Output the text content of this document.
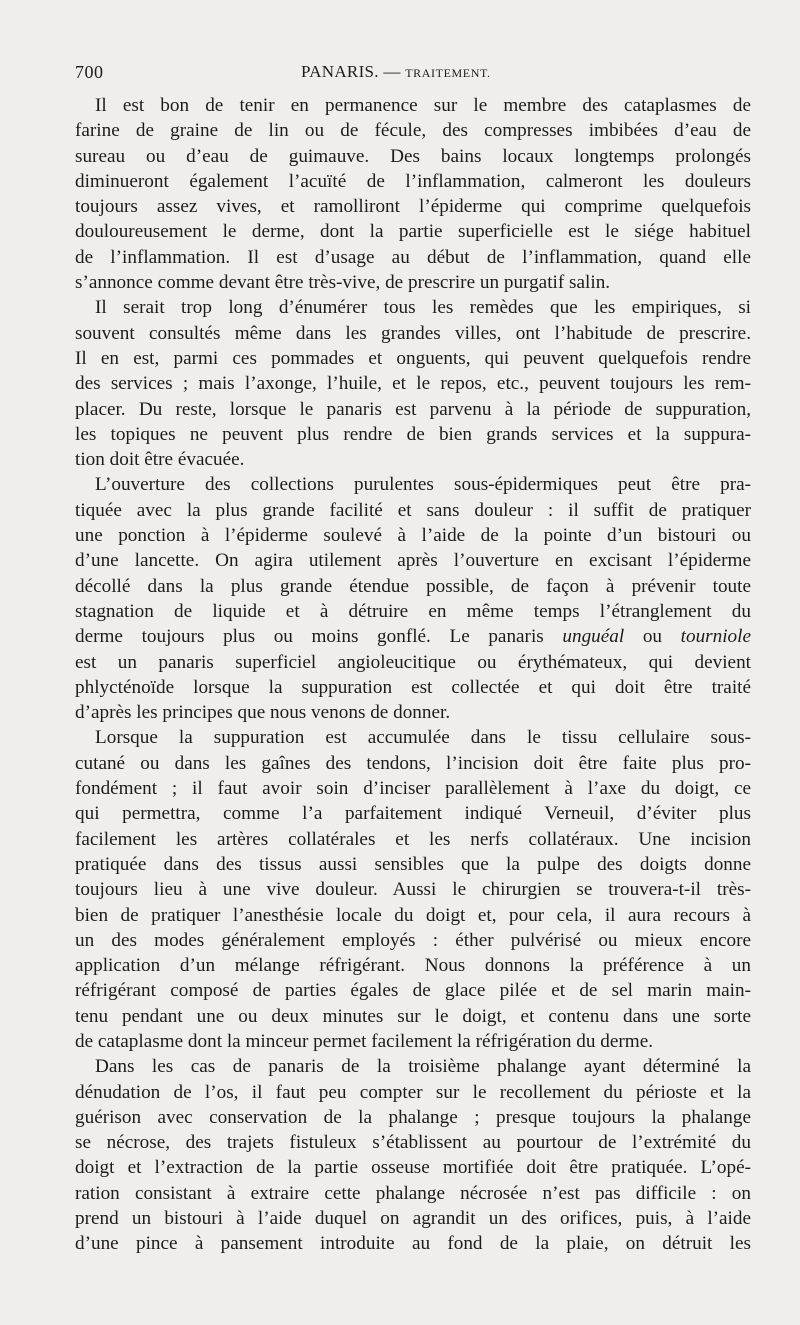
700	PANARIS. — TRAITEMENT.
Il est bon de tenir en permanence sur le membre des cataplasmes de
farine de graine de lin ou de fécule, des compresses imbibées d’eau de
sureau ou d’eau de guimauve. Des bains locaux longtemps prolongés
diminueront également l’acuïté de l’inflammation, calmeront les douleurs
toujours assez vives, et ramolliront l’épiderme qui comprime quelquefois
douloureusement le derme, dont la partie superficielle est le siége habituel
de l’inflammation. Il est d’usage au début de l’inflammation, quand elle
s’annonce comme devant être très-vive, de prescrire un purgatif salin.
Il serait trop long d’énumérer tous les remèdes que les empiriques, si
souvent consultés même dans les grandes villes, ont l’habitude de prescrire.
Il en est, parmi ces pommades et onguents, qui peuvent quelquefois rendre
des services ; mais l’axonge, l’huile, et le repos, etc., peuvent toujours les rem-
placer. Du reste, lorsque le panaris est parvenu à la période de suppuration,
les topiques ne peuvent plus rendre de bien grands services et la suppura-
tion doit être évacuée.
L’ouverture des collections purulentes sous-épidermiques peut être pra-
tiquée avec la plus grande facilité et sans douleur : il suffit de pratiquer
une ponction à l’épiderme soulevé à l’aide de la pointe d’un bistouri ou
d’une lancette. On agira utilement après l’ouverture en excisant l’épiderme
décollé dans la plus grande étendue possible, de façon à prévenir toute
stagnation de liquide et à détruire en même temps l’étranglement du
derme toujours plus ou moins gonflé. Le panaris unguéal ou tourniole
est un panaris superficiel angioleucitique ou érythémateux, qui devient
phlycténoïde lorsque la suppuration est collectée et qui doit être traité
d’après les principes que nous venons de donner.
Lorsque la suppuration est accumulée dans le tissu cellulaire sous-
cutané ou dans les gaînes des tendons, l’incision doit être faite plus pro-
fondément ; il faut avoir soin d’inciser parallèlement à l’axe du doigt, ce
qui permettra, comme l’a parfaitement indiqué Verneuil, d’éviter plus
facilement les artères collatérales et les nerfs collatéraux. Une incision
pratiquée dans des tissus aussi sensibles que la pulpe des doigts donne
toujours lieu à une vive douleur. Aussi le chirurgien se trouvera-t-il très-
bien de pratiquer l’anesthésie locale du doigt et, pour cela, il aura recours à
un des modes généralement employés : éther pulvérisé ou mieux encore
application d’un mélange réfrigérant. Nous donnons la préférence à un
réfrigérant composé de parties égales de glace pilée et de sel marin main-
tenu pendant une ou deux minutes sur le doigt, et contenu dans une sorte
de cataplasme dont la minceur permet facilement la réfrigération du derme.
Dans les cas de panaris de la troisième phalange ayant déterminé la
dénudation de l’os, il faut peu compter sur le recollement du périoste et la
guérison avec conservation de la phalange ; presque toujours la phalange
se nécrose, des trajets fistuleux s’établissent au pourtour de l’extrémité du
doigt et l’extraction de la partie osseuse mortifiée doit être pratiquée. L’opé-
ration consistant à extraire cette phalange nécrosée n’est pas difficile : on
prend un bistouri à l’aide duquel on agrandit un des orifices, puis, à l’aide
d’une pince à pansement introduite au fond de la plaie, on détruit les
